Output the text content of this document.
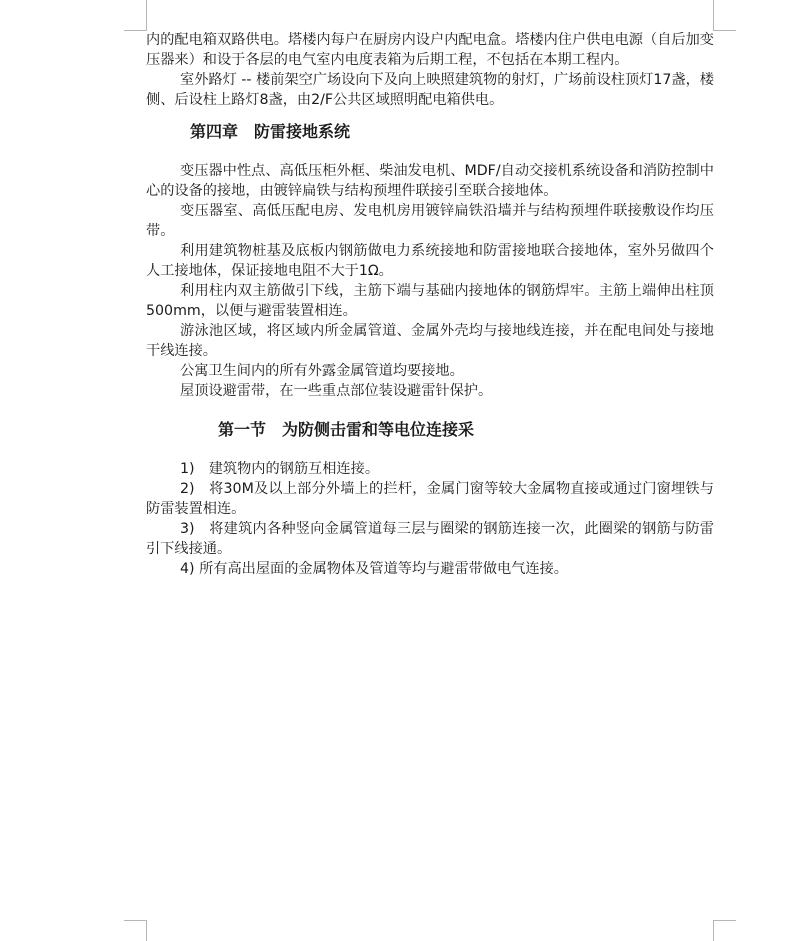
内的配电箱双路供电。塔楼内每户在厨房内设户内配电盒。塔楼内住户供电电源（自后加变压器来）和设于各层的电气室内电度表箱为后期工程，不包括在本期工程内。

室外路灯 -- 楼前架空广场设向下及向上映照建筑物的射灯，广场前设柱顶灯17盏，楼侧、后设柱上路灯8盏，由2/F公共区域照明配电箱供电。

第四章　防雷接地系统

变压器中性点、高低压柜外框、柴油发电机、MDF/自动交接机系统设备和消防控制中心的设备的接地，由镀锌扁铁与结构预埋件联接引至联合接地体。

变压器室、高低压配电房、发电机房用镀锌扁铁沿墙并与结构预埋件联接敷设作均压带。

利用建筑物桩基及底板内钢筋做电力系统接地和防雷接地联合接地体，室外另做四个人工接地体，保证接地电阻不大于1Ω。

利用柱内双主筋做引下线，主筋下端与基础内接地体的钢筋焊牢。主筋上端伸出柱顶500mm，以便与避雷装置相连。

游泳池区域，将区域内所金属管道、金属外壳均与接地线连接，并在配电间处与接地干线连接。

公寓卫生间内的所有外露金属管道均要接地。

屋顶设避雷带，在一些重点部位装设避雷针保护。

第一节　为防侧击雷和等电位连接采

1)　建筑物内的钢筋互相连接。

2)　将30M及以上部分外墙上的拦杆，金属门窗等较大金属物直接或通过门窗埋铁与防雷装置相连。

3)　将建筑内各种竖向金属管道每三层与圈梁的钢筋连接一次，此圈梁的钢筋与防雷引下线接通。

4) 所有高出屋面的金属物体及管道等均与避雷带做电气连接。
